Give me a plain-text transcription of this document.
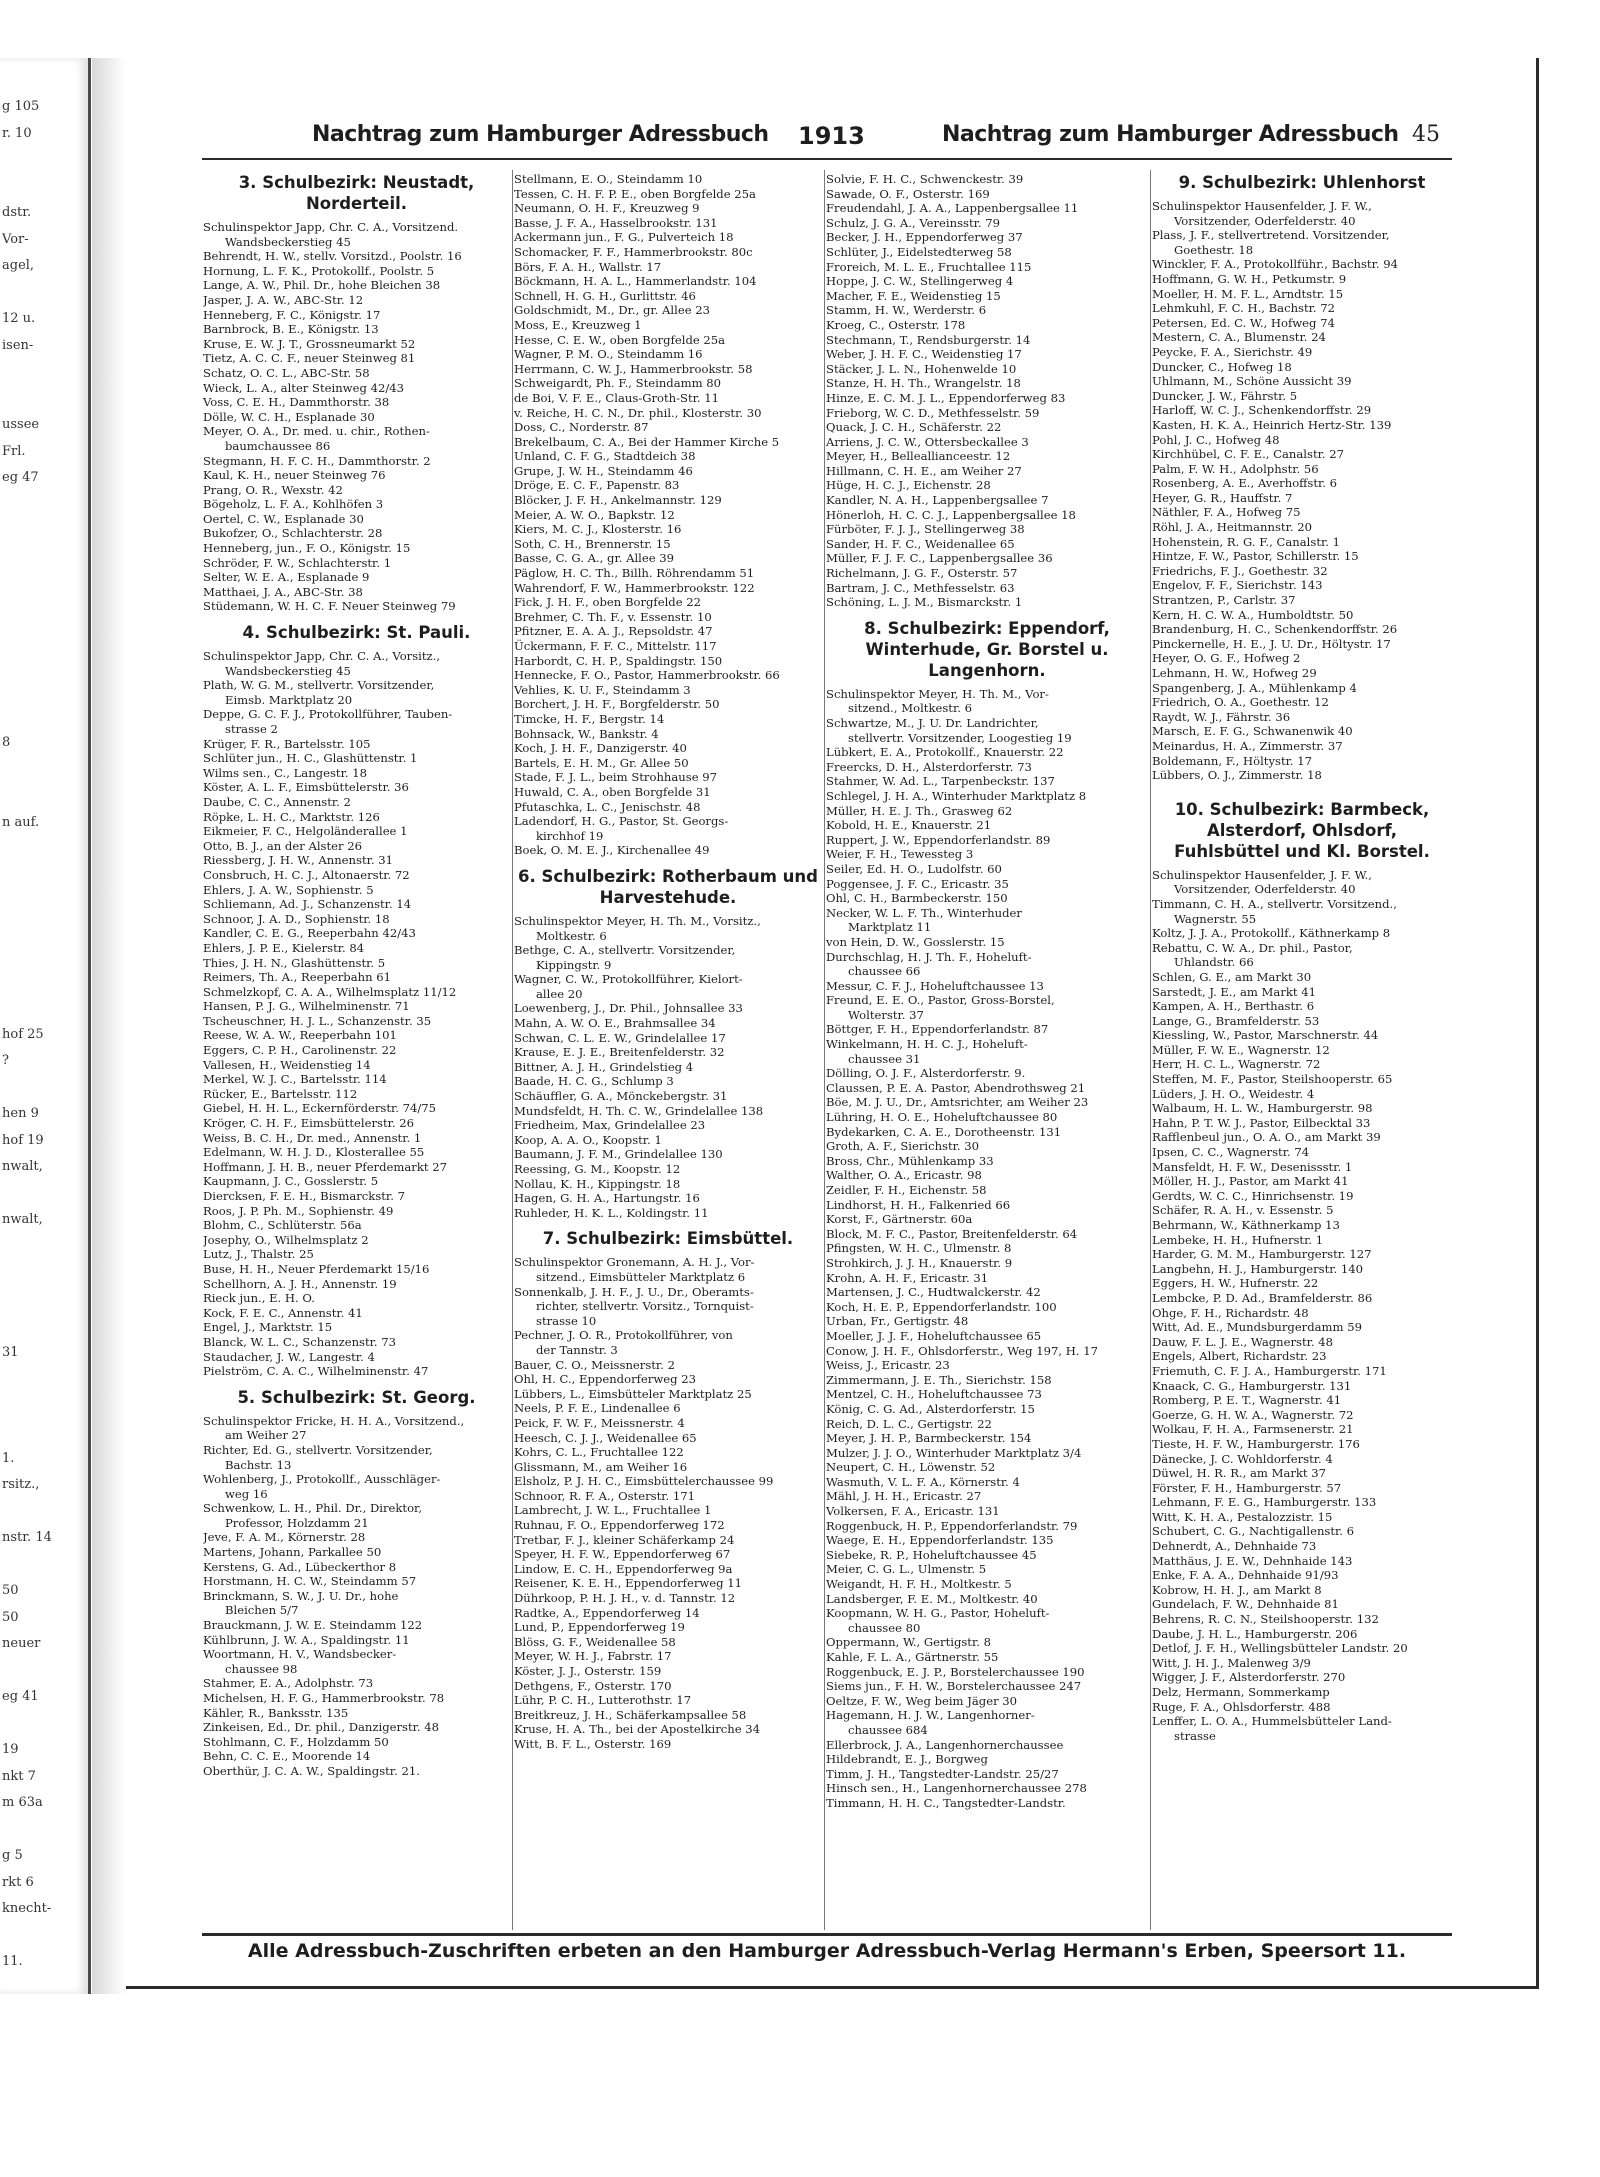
g 105
r. 10
dstr.
Vor-
agel,
12 u.
isen-
ussee
Frl.
eg 47
8
n auf.
hof 25
?
hen 9
hof 19
nwalt,
nwalt,
31
1.
rsitz.,
nstr. 14
50
50
neuer
eg 41
19
nkt 7
m 63a
g 5
rkt 6
knecht-
11.
Nachtrag zum Hamburger Adressbuch 1913	Nachtrag zum Hamburger Adressbuch 45
3. Schulbezirk: Neustadt, Norderteil.
Schulinspektor Japp, Chr. C. A., Vorsitzend.
Wandsbeckerstieg 45
Behrendt, H. W., stellv. Vorsitzd., Poolstr. 16
Hornung, L. F. K., Protokollf., Poolstr. 5
Lange, A. W., Phil. Dr., hohe Bleichen 38
Jasper, J. A. W., ABC-Str. 12
Henneberg, F. C., Königstr. 17
Barnbrock, B. E., Königstr. 13
Kruse, E. W. J. T., Grossneumarkt 52
Tietz, A. C. C. F., neuer Steinweg 81
Schatz, O. C. L., ABC-Str. 58
Wieck, L. A., alter Steinweg 42/43
Voss, C. E. H., Dammthorstr. 38
Dölle, W. C. H., Esplanade 30
Meyer, O. A., Dr. med. u. chir., Rothen-
baumchaussee 86
Stegmann, H. F. C. H., Dammthorstr. 2
Kaul, K. H., neuer Steinweg 76
Prang, O. R., Wexstr. 42
Bögeholz, L. F. A., Kohlhöfen 3
Oertel, C. W., Esplanade 30
Bukofzer, O., Schlachterstr. 28
Henneberg, jun., F. O., Königstr. 15
Schröder, F. W., Schlachterstr. 1
Selter, W. E. A., Esplanade 9
Matthaei, J. A., ABC-Str. 38
Stüdemann, W. H. C. F. Neuer Steinweg 79
4. Schulbezirk: St. Pauli.
Schulinspektor Japp, Chr. C. A., Vorsitz.,
Wandsbeckerstieg 45
Plath, W. G. M., stellvertr. Vorsitzender,
Eimsb. Marktplatz 20
Deppe, G. C. F. J., Protokollführer, Tauben-
strasse 2
Krüger, F. R., Bartelsstr. 105
Schlüter jun., H. C., Glashüttenstr. 1
Wilms sen., C., Langestr. 18
Köster, A. L. F., Eimsbüttelerstr. 36
Daube, C. C., Annenstr. 2
Röpke, L. H. C., Marktstr. 126
Eikmeier, F. C., Helgoländerallee 1
Otto, B. J., an der Alster 26
Riessberg, J. H. W., Annenstr. 31
Consbruch, H. C. J., Altonaerstr. 72
Ehlers, J. A. W., Sophienstr. 5
Schliemann, Ad. J., Schanzenstr. 14
Schnoor, J. A. D., Sophienstr. 18
Kandler, C. E. G., Reeperbahn 42/43
Ehlers, J. P. E., Kielerstr. 84
Thies, J. H. N., Glashüttenstr. 5
Reimers, Th. A., Reeperbahn 61
Schmelzkopf, C. A. A., Wilhelmsplatz 11/12
Hansen, P. J. G., Wilhelminenstr. 71
Tscheuschner, H. J. L., Schanzenstr. 35
Reese, W. A. W., Reeperbahn 101
Eggers, C. P. H., Carolinenstr. 22
Vallesen, H., Weidenstieg 14
Merkel, W. J. C., Bartelsstr. 114
Rücker, E., Bartelsstr. 112
Giebel, H. H. L., Eckernförderstr. 74/75
Kröger, C. H. F., Eimsbüttelerstr. 26
Weiss, B. C. H., Dr. med., Annenstr. 1
Edelmann, W. H. J. D., Klosterallee 55
Hoffmann, J. H. B., neuer Pferdemarkt 27
Kaupmann, J. C., Gosslerstr. 5
Diercksen, F. E. H., Bismarckstr. 7
Roos, J. P. Ph. M., Sophienstr. 49
Blohm, C., Schlüterstr. 56a
Josephy, O., Wilhelmsplatz 2
Lutz, J., Thalstr. 25
Buse, H. H., Neuer Pferdemarkt 15/16
Schellhorn, A. J. H., Annenstr. 19
Rieck jun., E. H. O.
Kock, F. E. C., Annenstr. 41
Engel, J., Marktstr. 15
Blanck, W. L. C., Schanzenstr. 73
Staudacher, J. W., Langestr. 4
Pielström, C. A. C., Wilhelminenstr. 47
5. Schulbezirk: St. Georg.
Schulinspektor Fricke, H. H. A., Vorsitzend.,
am Weiher 27
Richter, Ed. G., stellvertr. Vorsitzender,
Bachstr. 13
Wohlenberg, J., Protokollf., Ausschläger-
weg 16
Schwenkow, L. H., Phil. Dr., Direktor,
Professor, Holzdamm 21
Jeve, F. A. M., Körnerstr. 28
Martens, Johann, Parkallee 50
Kerstens, G. Ad., Lübeckerthor 8
Horstmann, H. C. W., Steindamm 57
Brinckmann, S. W., J. U. Dr., hohe
Bleichen 5/7
Brauckmann, J. W. E. Steindamm 122
Kühlbrunn, J. W. A., Spaldingstr. 11
Woortmann, H. V., Wandsbecker-
chaussee 98
Stahmer, E. A., Adolphstr. 73
Michelsen, H. F. G., Hammerbrookstr. 78
Kähler, R., Banksstr. 135
Zinkeisen, Ed., Dr. phil., Danzigerstr. 48
Stohlmann, C. F., Holzdamm 50
Behn, C. C. E., Moorende 14
Oberthür, J. C. A. W., Spaldingstr. 21.
Stellmann, E. O., Steindamm 10
Tessen, C. H. F. P. E., oben Borgfelde 25a
Neumann, O. H. F., Kreuzweg 9
Basse, J. F. A., Hasselbrookstr. 131
Ackermann jun., F. G., Pulverteich 18
Schomacker, F. F., Hammerbrookstr. 80c
Börs, F. A. H., Wallstr. 17
Böckmann, H. A. L., Hammerlandstr. 104
Schnell, H. G. H., Gurlittstr. 46
Goldschmidt, M., Dr., gr. Allee 23
Moss, E., Kreuzweg 1
Hesse, C. E. W., oben Borgfelde 25a
Wagner, P. M. O., Steindamm 16
Herrmann, C. W. J., Hammerbrookstr. 58
Schweigardt, Ph. F., Steindamm 80
de Boi, V. F. E., Claus-Groth-Str. 11
v. Reiche, H. C. N., Dr. phil., Klosterstr. 30
Doss, C., Norderstr. 87
Brekelbaum, C. A., Bei der Hammer Kirche 5
Unland, C. F. G., Stadtdeich 38
Grupe, J. W. H., Steindamm 46
Dröge, E. C. F., Papenstr. 83
Blöcker, J. F. H., Ankelmannstr. 129
Meier, A. W. O., Bapkstr. 12
Kiers, M. C. J., Klosterstr. 16
Soth, C. H., Brennerstr. 15
Basse, C. G. A., gr. Allee 39
Päglow, H. C. Th., Billh. Röhrendamm 51
Wahrendorf, F. W., Hammerbrookstr. 122
Fick, J. H. F., oben Borgfelde 22
Brehmer, C. Th. F., v. Essenstr. 10
Pfitzner, E. A. A. J., Repsoldstr. 47
Ückermann, F. F. C., Mittelstr. 117
Harbordt, C. H. P., Spaldingstr. 150
Hennecke, F. O., Pastor, Hammerbrookstr. 66
Vehlies, K. U. F., Steindamm 3
Borchert, J. H. F., Borgfelderstr. 50
Timcke, H. F., Bergstr. 14
Bohnsack, W., Bankstr. 4
Koch, J. H. F., Danzigerstr. 40
Bartels, E. H. M., Gr. Allee 50
Stade, F. J. L., beim Strohhause 97
Huwald, C. A., oben Borgfelde 31
Pfutaschka, L. C., Jenischstr. 48
Ladendorf, H. G., Pastor, St. Georgs-
kirchhof 19
Boek, O. M. E. J., Kirchenallee 49
6. Schulbezirk: Rotherbaum und Harvestehude.
Schulinspektor Meyer, H. Th. M., Vorsitz.,
Moltkestr. 6
Bethge, C. A., stellvertr. Vorsitzender,
Kippingstr. 9
Wagner, C. W., Protokollführer, Kielort-
allee 20
Loewenberg, J., Dr. Phil., Johnsallee 33
Mahn, A. W. O. E., Brahmsallee 34
Schwan, C. L. E. W., Grindelallee 17
Krause, E. J. E., Breitenfelderstr. 32
Bittner, A. J. H., Grindelstieg 4
Baade, H. C. G., Schlump 3
Schäuffler, G. A., Mönckebergstr. 31
Mundsfeldt, H. Th. C. W., Grindelallee 138
Friedheim, Max, Grindelallee 23
Koop, A. A. O., Koopstr. 1
Baumann, J. F. M., Grindelallee 130
Reessing, G. M., Koopstr. 12
Nollau, K. H., Kippingstr. 18
Hagen, G. H. A., Hartungstr. 16
Ruhleder, H. K. L., Koldingstr. 11
7. Schulbezirk: Eimsbüttel.
Schulinspektor Gronemann, A. H. J., Vor-
sitzend., Eimsbütteler Marktplatz 6
Sonnenkalb, J. H. F., J. U., Dr., Oberamts-
richter, stellvertr. Vorsitz., Tornquist-
strasse 10
Pechner, J. O. R., Protokollführer, von
der Tannstr. 3
Bauer, C. O., Meissnerstr. 2
Ohl, H. C., Eppendorferweg 23
Lübbers, L., Eimsbütteler Marktplatz 25
Neels, P. F. E., Lindenallee 6
Peick, F. W. F., Meissnerstr. 4
Heesch, C. J. J., Weidenallee 65
Kohrs, C. L., Fruchtallee 122
Glissmann, M., am Weiher 16
Elsholz, P. J. H. C., Eimsbüttelerchaussee 99
Schnoor, R. F. A., Osterstr. 171
Lambrecht, J. W. L., Fruchtallee 1
Ruhnau, F. O., Eppendorferweg 172
Tretbar, F. J., kleiner Schäferkamp 24
Speyer, H. F. W., Eppendorferweg 67
Lindow, E. C. H., Eppendorferweg 9a
Reisener, K. E. H., Eppendorferweg 11
Dührkoop, P. H. J. H., v. d. Tannstr. 12
Radtke, A., Eppendorferweg 14
Lund, P., Eppendorferweg 19
Blöss, G. F., Weidenallee 58
Meyer, W. H. J., Fabrstr. 17
Köster, J. J., Osterstr. 159
Dethgens, F., Osterstr. 170
Lühr, P. C. H., Lutterothstr. 17
Breitkreuz, J. H., Schäferkampsallee 58
Kruse, H. A. Th., bei der Apostelkirche 34
Witt, B. F. L., Osterstr. 169
Solvie, F. H. C., Schwenckestr. 39
Sawade, O. F., Osterstr. 169
Freudendahl, J. A. A., Lappenbergsallee 11
Schulz, J. G. A., Vereinsstr. 79
Becker, J. H., Eppendorferweg 37
Schlüter, J., Eidelstedterweg 58
Froreich, M. L. E., Fruchtallee 115
Hoppe, J. C. W., Stellingerweg 4
Macher, F. E., Weidenstieg 15
Stamm, H. W., Werderstr. 6
Kroeg, C., Osterstr. 178
Stechmann, T., Rendsburgerstr. 14
Weber, J. H. F. C., Weidenstieg 17
Stäcker, J. L. N., Hohenwelde 10
Stanze, H. H. Th., Wrangelstr. 18
Hinze, E. C. M. J. L., Eppendorferweg 83
Frieborg, W. C. D., Methfesselstr. 59
Quack, J. C. H., Schäferstr. 22
Arriens, J. C. W., Ottersbeckallee 3
Meyer, H., Belleallianceestr. 12
Hillmann, C. H. E., am Weiher 27
Hüge, H. C. J., Eichenstr. 28
Kandler, N. A. H., Lappenbergsallee 7
Hönerloh, H. C. C. J., Lappenbergsallee 18
Fürböter, F. J. J., Stellingerweg 38
Sander, H. F. C., Weidenallee 65
Müller, F. J. F. C., Lappenbergsallee 36
Richelmann, J. G. F., Osterstr. 57
Bartram, J. C., Methfesselstr. 63
Schöning, L. J. M., Bismarckstr. 1
8. Schulbezirk: Eppendorf, Winterhude, Gr. Borstel u. Langenhorn.
Schulinspektor Meyer, H. Th. M., Vor-
sitzend., Moltkestr. 6
Schwartze, M., J. U. Dr. Landrichter,
stellvertr. Vorsitzender, Loogestieg 19
Lübkert, E. A., Protokollf., Knauerstr. 22
Freercks, D. H., Alsterdorferstr. 73
Stahmer, W. Ad. L., Tarpenbeckstr. 137
Schlegel, J. H. A., Winterhuder Marktplatz 8
Müller, H. E. J. Th., Grasweg 62
Kobold, H. E., Knauerstr. 21
Ruppert, J. W., Eppendorferlandstr. 89
Weier, F. H., Tewessteg 3
Seiler, Ed. H. O., Ludolfstr. 60
Poggensee, J. F. C., Ericastr. 35
Ohl, C. H., Barmbeckerstr. 150
Necker, W. L. F. Th., Winterhuder
Marktplatz 11
von Hein, D. W., Gosslerstr. 15
Durchschlag, H. J. Th. F., Hoheluft-
chaussee 66
Messur, C. F. J., Hoheluftchaussee 13
Freund, E. E. O., Pastor, Gross-Borstel,
Wolterstr. 37
Böttger, F. H., Eppendorferlandstr. 87
Winkelmann, H. H. C. J., Hoheluft-
chaussee 31
Dölling, O. J. F., Alsterdorferstr. 9.
Claussen, P. E. A. Pastor, Abendrothsweg 21
Böe, M. J. U., Dr., Amtsrichter, am Weiher 23
Lühring, H. O. E., Hoheluftchaussee 80
Bydekarken, C. A. E., Dorotheenstr. 131
Groth, A. F., Sierichstr. 30
Bross, Chr., Mühlenkamp 33
Walther, O. A., Ericastr. 98
Zeidler, F. H., Eichenstr. 58
Lindhorst, H. H., Falkenried 66
Korst, F., Gärtnerstr. 60a
Block, M. F. C., Pastor, Breitenfelderstr. 64
Pfingsten, W. H. C., Ulmenstr. 8
Strohkirch, J. J. H., Knauerstr. 9
Krohn, A. H. F., Ericastr. 31
Martensen, J. C., Hudtwalckerstr. 42
Koch, H. E. P., Eppendorferlandstr. 100
Urban, Fr., Gertigstr. 48
Moeller, J. J. F., Hoheluftchaussee 65
Conow, J. H. F., Ohlsdorferstr., Weg 197, H. 17
Weiss, J., Ericastr. 23
Zimmermann, J. E. Th., Sierichstr. 158
Mentzel, C. H., Hoheluftchaussee 73
König, C. G. Ad., Alsterdorferstr. 15
Reich, D. L. C., Gertigstr. 22
Meyer, J. H. P., Barmbeckerstr. 154
Mulzer, J. J. O., Winterhuder Marktplatz 3/4
Neupert, C. H., Löwenstr. 52
Wasmuth, V. L. F. A., Körnerstr. 4
Mähl, J. H. H., Ericastr. 27
Volkersen, F. A., Ericastr. 131
Roggenbuck, H. P., Eppendorferlandstr. 79
Waege, E. H., Eppendorferlandstr. 135
Siebeke, R. P., Hoheluftchaussee 45
Meier, C. G. L., Ulmenstr. 5
Weigandt, H. F. H., Moltkestr. 5
Landsberger, F. E. M., Moltkestr. 40
Koopmann, W. H. G., Pastor, Hoheluft-
chaussee 80
Oppermann, W., Gertigstr. 8
Kahle, F. L. A., Gärtnerstr. 55
Roggenbuck, E. J. P., Borstelerchaussee 190
Siems jun., F. H. W., Borstelerchaussee 247
Oeltze, F. W., Weg beim Jäger 30
Hagemann, H. J. W., Langenhorner-
chaussee 684
Ellerbrock, J. A., Langenhornerchaussee
Hildebrandt, E. J., Borgweg
Timm, J. H., Tangstedter-Landstr. 25/27
Hinsch sen., H., Langenhornerchaussee 278
Timmann, H. H. C., Tangstedter-Landstr.
9. Schulbezirk: Uhlenhorst
Schulinspektor Hausenfelder, J. F. W.,
Vorsitzender, Oderfelderstr. 40
Plass, J. F., stellvertretend. Vorsitzender,
Goethestr. 18
Winckler, F. A., Protokollführ., Bachstr. 94
Hoffmann, G. W. H., Petkumstr. 9
Moeller, H. M. F. L., Arndtstr. 15
Lehmkuhl, F. C. H., Bachstr. 72
Petersen, Ed. C. W., Hofweg 74
Mestern, C. A., Blumenstr. 24
Peycke, F. A., Sierichstr. 49
Duncker, C., Hofweg 18
Uhlmann, M., Schöne Aussicht 39
Duncker, J. W., Fährstr. 5
Harloff, W. C. J., Schenkendorffstr. 29
Kasten, H. K. A., Heinrich Hertz-Str. 139
Pohl, J. C., Hofweg 48
Kirchhübel, C. F. E., Canalstr. 27
Palm, F. W. H., Adolphstr. 56
Rosenberg, A. E., Averhoffstr. 6
Heyer, G. R., Hauffstr. 7
Näthler, F. A., Hofweg 75
Röhl, J. A., Heitmannstr. 20
Hohenstein, R. G. F., Canalstr. 1
Hintze, F. W., Pastor, Schillerstr. 15
Friedrichs, F. J., Goethestr. 32
Engelov, F. F., Sierichstr. 143
Strantzen, P., Carlstr. 37
Kern, H. C. W. A., Humboldtstr. 50
Brandenburg, H. C., Schenkendorffstr. 26
Pinckernelle, H. E., J. U. Dr., Höltystr. 17
Heyer, O. G. F., Hofweg 2
Lehmann, H. W., Hofweg 29
Spangenberg, J. A., Mühlenkamp 4
Friedrich, O. A., Goethestr. 12
Raydt, W. J., Fährstr. 36
Marsch, E. F. G., Schwanenwik 40
Meinardus, H. A., Zimmerstr. 37
Boldemann, F., Höltystr. 17
Lübbers, O. J., Zimmerstr. 18
10. Schulbezirk: Barmbeck, Alsterdorf, Ohlsdorf, Fuhlsbüttel und Kl. Borstel.
Schulinspektor Hausenfelder, J. F. W.,
Vorsitzender, Oderfelderstr. 40
Timmann, C. H. A., stellvertr. Vorsitzend.,
Wagnerstr. 55
Koltz, J. J. A., Protokollf., Käthnerkamp 8
Rebattu, C. W. A., Dr. phil., Pastor,
Uhlandstr. 66
Schlen, G. E., am Markt 30
Sarstedt, J. E., am Markt 41
Kampen, A. H., Berthastr. 6
Lange, G., Bramfelderstr. 53
Kiessling, W., Pastor, Marschnerstr. 44
Müller, F. W. E., Wagnerstr. 12
Herr, H. C. L., Wagnerstr. 72
Steffen, M. F., Pastor, Steilshooperstr. 65
Lüders, J. H. O., Weidestr. 4
Walbaum, H. L. W., Hamburgerstr. 98
Hahn, P. T. W. J., Pastor, Eilbecktal 33
Rafflenbeul jun., O. A. O., am Markt 39
Ipsen, C. C., Wagnerstr. 74
Mansfeldt, H. F. W., Desenissstr. 1
Möller, H. J., Pastor, am Markt 41
Gerdts, W. C. C., Hinrichsenstr. 19
Schäfer, R. A. H., v. Essenstr. 5
Behrmann, W., Käthnerkamp 13
Lembeke, H. H., Hufnerstr. 1
Harder, G. M. M., Hamburgerstr. 127
Langbehn, H. J., Hamburgerstr. 140
Eggers, H. W., Hufnerstr. 22
Lembcke, P. D. Ad., Bramfelderstr. 86
Ohge, F. H., Richardstr. 48
Witt, Ad. E., Mundsburgerdamm 59
Dauw, F. L. J. E., Wagnerstr. 48
Engels, Albert, Richardstr. 23
Friemuth, C. F. J. A., Hamburgerstr. 171
Knaack, C. G., Hamburgerstr. 131
Romberg, P. E. T., Wagnerstr. 41
Goerze, G. H. W. A., Wagnerstr. 72
Wolkau, F. H. A., Farmsenerstr. 21
Tieste, H. F. W., Hamburgerstr. 176
Dänecke, J. C. Wohldorferstr. 4
Düwel, H. R. R., am Markt 37
Förster, F. H., Hamburgerstr. 57
Lehmann, F. E. G., Hamburgerstr. 133
Witt, K. H. A., Pestalozzistr. 15
Schubert, C. G., Nachtigallenstr. 6
Dehnerdt, A., Dehnhaide 73
Matthäus, J. E. W., Dehnhaide 143
Enke, F. A. A., Dehnhaide 91/93
Kobrow, H. H. J., am Markt 8
Gundelach, F. W., Dehnhaide 81
Behrens, R. C. N., Steilshooperstr. 132
Daube, J. H. L., Hamburgerstr. 206
Detlof, J. F. H., Wellingsbütteler Landstr. 20
Witt, J. H. J., Malenweg 3/9
Wigger, J. F., Alsterdorferstr. 270
Delz, Hermann, Sommerkamp
Ruge, F. A., Ohlsdorferstr. 488
Lenffer, L. O. A., Hummelsbütteler Land-
strasse
Alle Adressbuch-Zuschriften erbeten an den Hamburger Adressbuch-Verlag Hermann's Erben, Speersort 11.
